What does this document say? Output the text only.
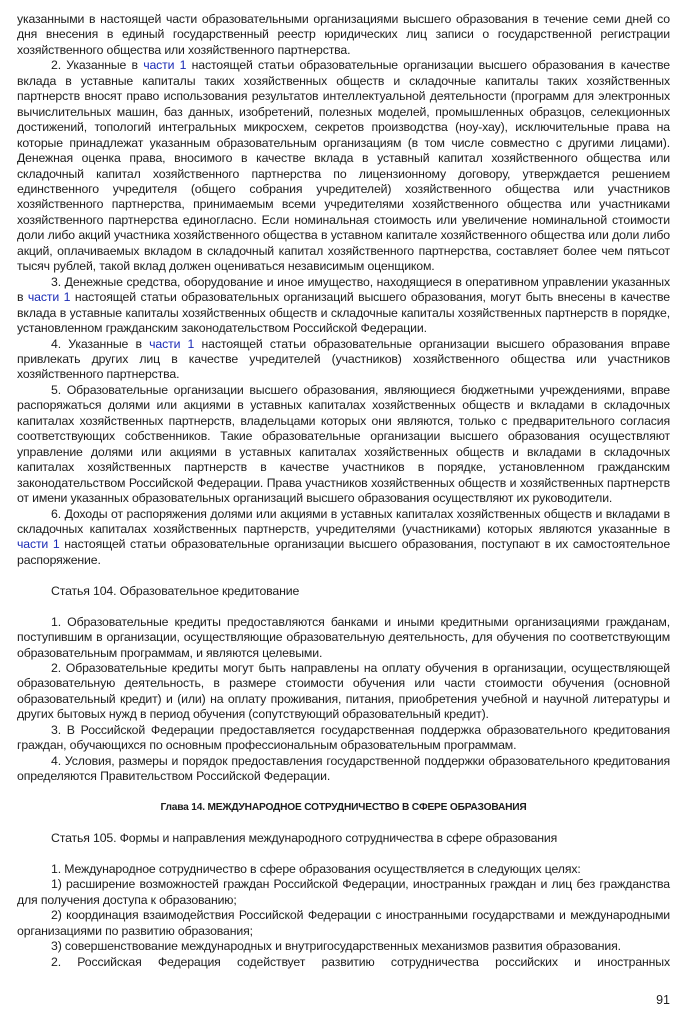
указанными в настоящей части образовательными организациями высшего образования в течение семи дней со дня внесения в единый государственный реестр юридических лиц записи о государственной регистрации хозяйственного общества или хозяйственного партнерства.

2. Указанные в части 1 настоящей статьи образовательные организации высшего образования в качестве вклада в уставные капиталы таких хозяйственных обществ и складочные капиталы таких хозяйственных партнерств вносят право использования результатов интеллектуальной деятельности (программ для электронных вычислительных машин, баз данных, изобретений, полезных моделей, промышленных образцов, селекционных достижений, топологий интегральных микросхем, секретов производства (ноу-хау), исключительные права на которые принадлежат указанным образовательным организациям (в том числе совместно с другими лицами). Денежная оценка права, вносимого в качестве вклада в уставный капитал хозяйственного общества или складочный капитал хозяйственного партнерства по лицензионному договору, утверждается решением единственного учредителя (общего собрания учредителей) хозяйственного общества или участников хозяйственного партнерства, принимаемым всеми учредителями хозяйственного общества или участниками хозяйственного партнерства единогласно. Если номинальная стоимость или увеличение номинальной стоимости доли либо акций участника хозяйственного общества в уставном капитале хозяйственного общества или доли либо акций, оплачиваемых вкладом в складочный капитал хозяйственного партнерства, составляет более чем пятьсот тысяч рублей, такой вклад должен оцениваться независимым оценщиком.

3. Денежные средства, оборудование и иное имущество, находящиеся в оперативном управлении указанных в части 1 настоящей статьи образовательных организаций высшего образования, могут быть внесены в качестве вклада в уставные капиталы хозяйственных обществ и складочные капиталы хозяйственных партнерств в порядке, установленном гражданским законодательством Российской Федерации.

4. Указанные в части 1 настоящей статьи образовательные организации высшего образования вправе привлекать других лиц в качестве учредителей (участников) хозяйственного общества или участников хозяйственного партнерства.

5. Образовательные организации высшего образования, являющиеся бюджетными учреждениями, вправе распоряжаться долями или акциями в уставных капиталах хозяйственных обществ и вкладами в складочных капиталах хозяйственных партнерств, владельцами которых они являются, только с предварительного согласия соответствующих собственников. Такие образовательные организации высшего образования осуществляют управление долями или акциями в уставных капиталах хозяйственных обществ и вкладами в складочных капиталах хозяйственных партнерств в качестве участников в порядке, установленном гражданским законодательством Российской Федерации. Права участников хозяйственных обществ и хозяйственных партнерств от имени указанных образовательных организаций высшего образования осуществляют их руководители.

6. Доходы от распоряжения долями или акциями в уставных капиталах хозяйственных обществ и вкладами в складочных капиталах хозяйственных партнерств, учредителями (участниками) которых являются указанные в части 1 настоящей статьи образовательные организации высшего образования, поступают в их самостоятельное распоряжение.

Статья 104. Образовательное кредитование

1. Образовательные кредиты предоставляются банками и иными кредитными организациями гражданам, поступившим в организации, осуществляющие образовательную деятельность, для обучения по соответствующим образовательным программам, и являются целевыми.

2. Образовательные кредиты могут быть направлены на оплату обучения в организации, осуществляющей образовательную деятельность, в размере стоимости обучения или части стоимости обучения (основной образовательный кредит) и (или) на оплату проживания, питания, приобретения учебной и научной литературы и других бытовых нужд в период обучения (сопутствующий образовательный кредит).

3. В Российской Федерации предоставляется государственная поддержка образовательного кредитования граждан, обучающихся по основным профессиональным образовательным программам.

4. Условия, размеры и порядок предоставления государственной поддержки образовательного кредитования определяются Правительством Российской Федерации.

Глава 14. МЕЖДУНАРОДНОЕ СОТРУДНИЧЕСТВО В СФЕРЕ ОБРАЗОВАНИЯ

Статья 105. Формы и направления международного сотрудничества в сфере образования

1. Международное сотрудничество в сфере образования осуществляется в следующих целях:

1) расширение возможностей граждан Российской Федерации, иностранных граждан и лиц без гражданства для получения доступа к образованию;

2) координация взаимодействия Российской Федерации с иностранными государствами и международными организациями по развитию образования;

3) совершенствование международных и внутригосударственных механизмов развития образования.

2. Российская Федерация содействует развитию сотрудничества российских и иностранных

91
